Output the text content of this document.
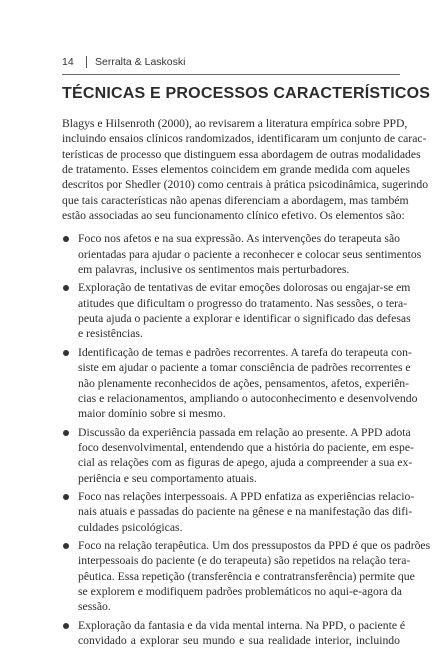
14	Serralta & Laskoski
TÉCNICAS E PROCESSOS CARACTERÍSTICOS
Blagys e Hilsenroth (2000), ao revisarem a literatura empírica sobre PPD,
incluindo ensaios clínicos randomizados, identificaram um conjunto de carac-
terísticas de processo que distinguem essa abordagem de outras modalidades
de tratamento. Esses elementos coincidem em grande medida com aqueles
descritos por Shedler (2010) como centrais à prática psicodinâmica, sugerindo
que tais características não apenas diferenciam a abordagem, mas também
estão associadas ao seu funcionamento clínico efetivo. Os elementos são:
Foco nos afetos e na sua expressão. As intervenções do terapeuta são
orientadas para ajudar o paciente a reconhecer e colocar seus sentimentos
em palavras, inclusive os sentimentos mais perturbadores.
Exploração de tentativas de evitar emoções dolorosas ou engajar-se em
atitudes que dificultam o progresso do tratamento. Nas sessões, o tera-
peuta ajuda o paciente a explorar e identificar o significado das defesas
e resistências.
Identificação de temas e padrões recorrentes. A tarefa do terapeuta con-
siste em ajudar o paciente a tomar consciência de padrões recorrentes e
não plenamente reconhecidos de ações, pensamentos, afetos, experiên-
cias e relacionamentos, ampliando o autoconhecimento e desenvolvendo
maior domínio sobre si mesmo.
Discussão da experiência passada em relação ao presente. A PPD adota
foco desenvolvimental, entendendo que a história do paciente, em espe-
cial as relações com as figuras de apego, ajuda a compreender a sua ex-
periência e seu comportamento atuais.
Foco nas relações interpessoais. A PPD enfatiza as experiências relacio-
nais atuais e passadas do paciente na gênese e na manifestação das difi-
culdades psicológicas.
Foco na relação terapêutica. Um dos pressupostos da PPD é que os padrões
interpessoais do paciente (e do terapeuta) são repetidos na relação tera-
pêutica. Essa repetição (transferência e contratransferência) permite que
se explorem e modifiquem padrões problemáticos no aqui-e-agora da
sessão.
Exploração da fantasia e da vida mental interna. Na PPD, o paciente é
convidado a explorar seu mundo e sua realidade interior, incluindo
